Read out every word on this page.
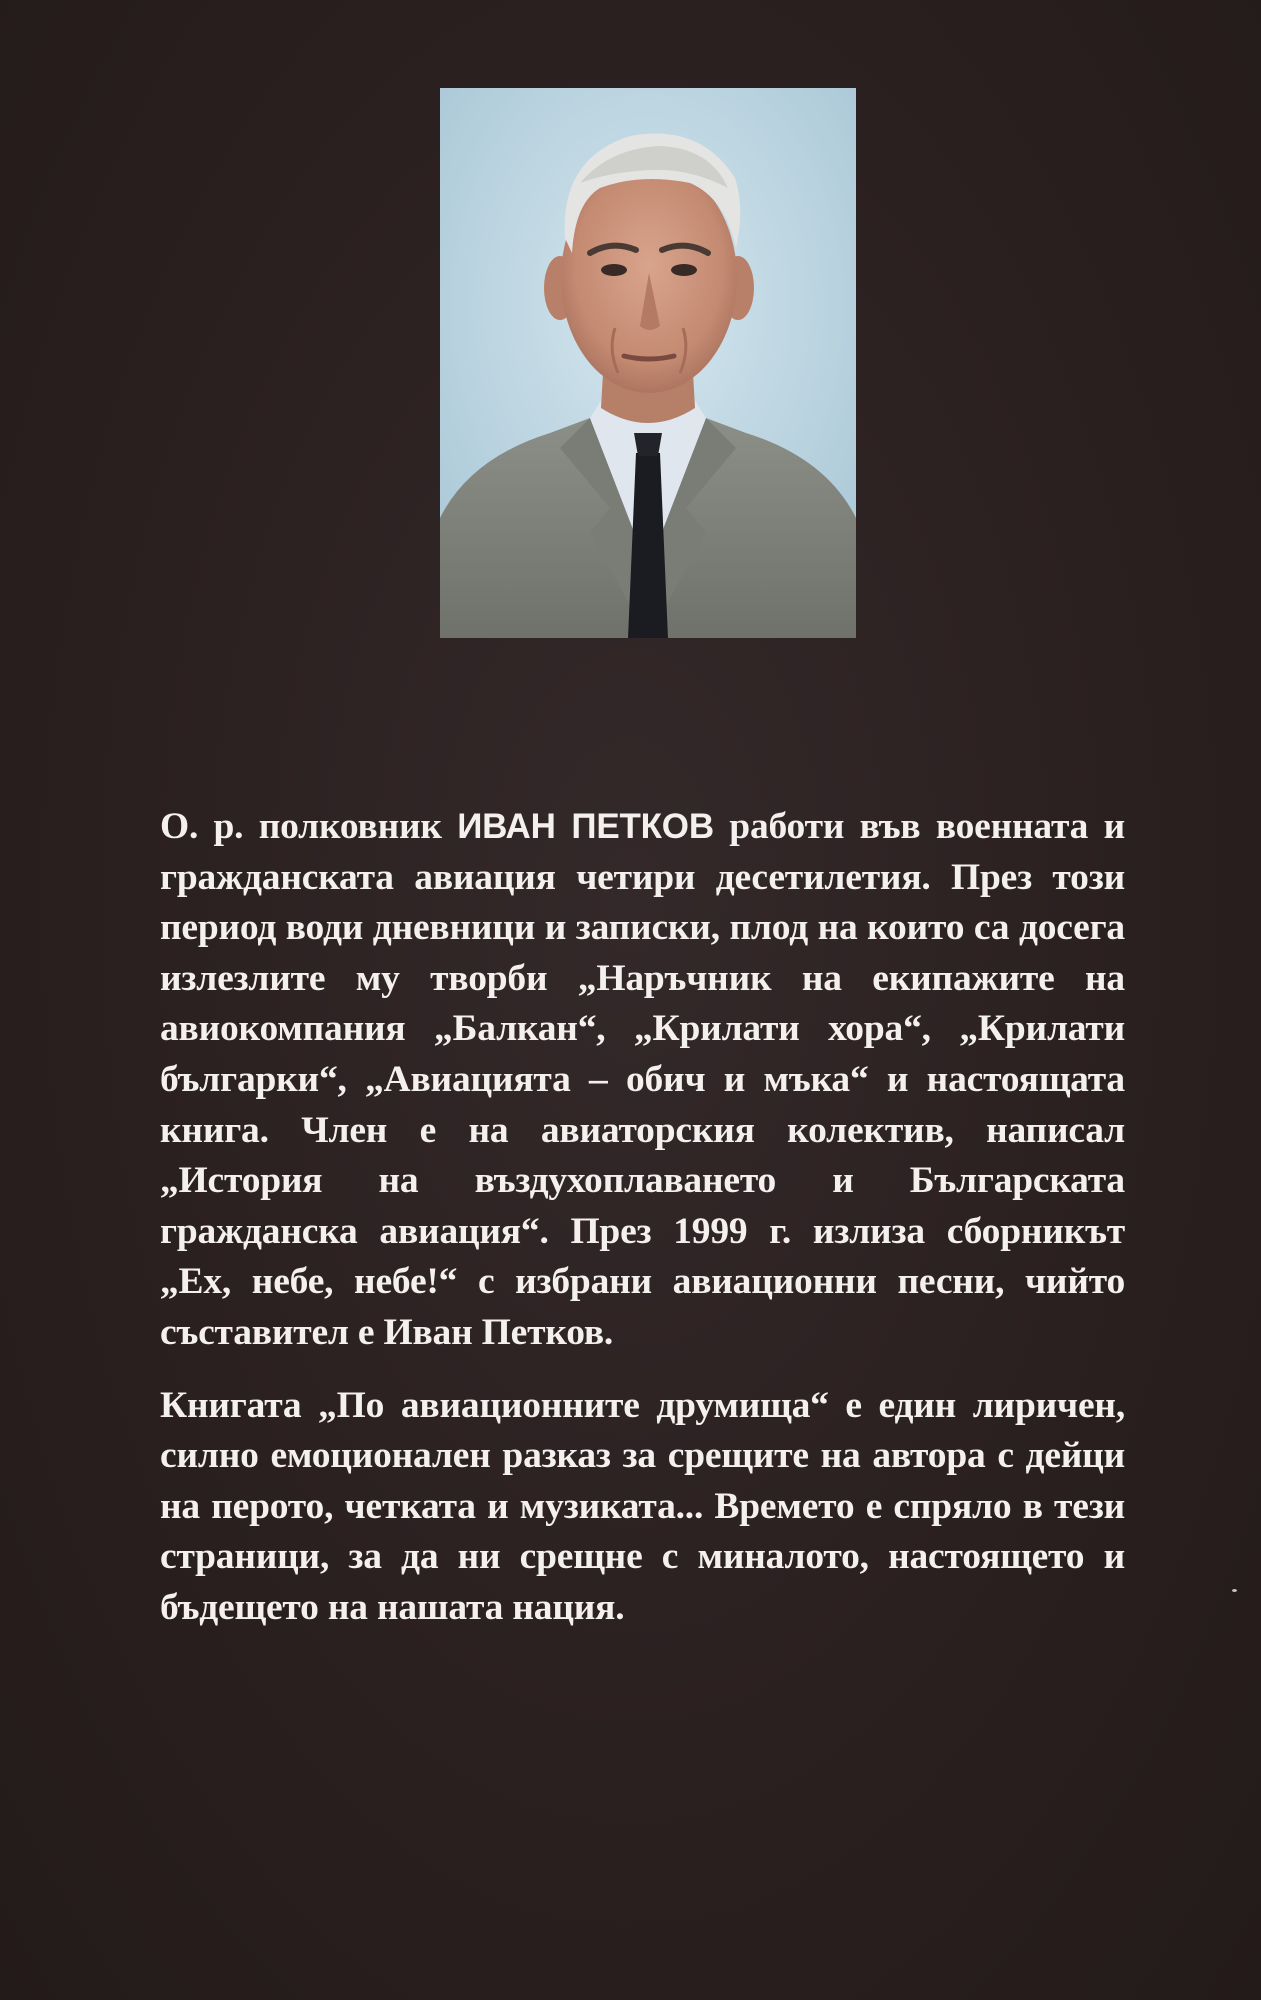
О. р. полковник ИВАН ПЕТКОВ работи във военната и гражданската авиация четири десетилетия. През този период води дневници и записки, плод на които са досега излезлите му творби „Наръчник на екипажите на авиокомпания „Балкан“, „Крилати хора“, „Крилати българки“, „Авиацията – обич и мъка“ и настоящата книга. Член е на авиаторския колектив, написал „История на въздухоплаването и Българската гражданска авиация“. През 1999 г. излиза сборникът „Ех, небе, небе!“ с избрани авиационни песни, чийто съставител е Иван Петков.

Книгата „По авиационните друмища“ е един лиричен, силно емоционален разказ за срещите на автора с дейци на перото, четката и музиката... Времето е спряло в тези страници, за да ни срещне с миналото, настоящето и бъдещето на нашата нация.
